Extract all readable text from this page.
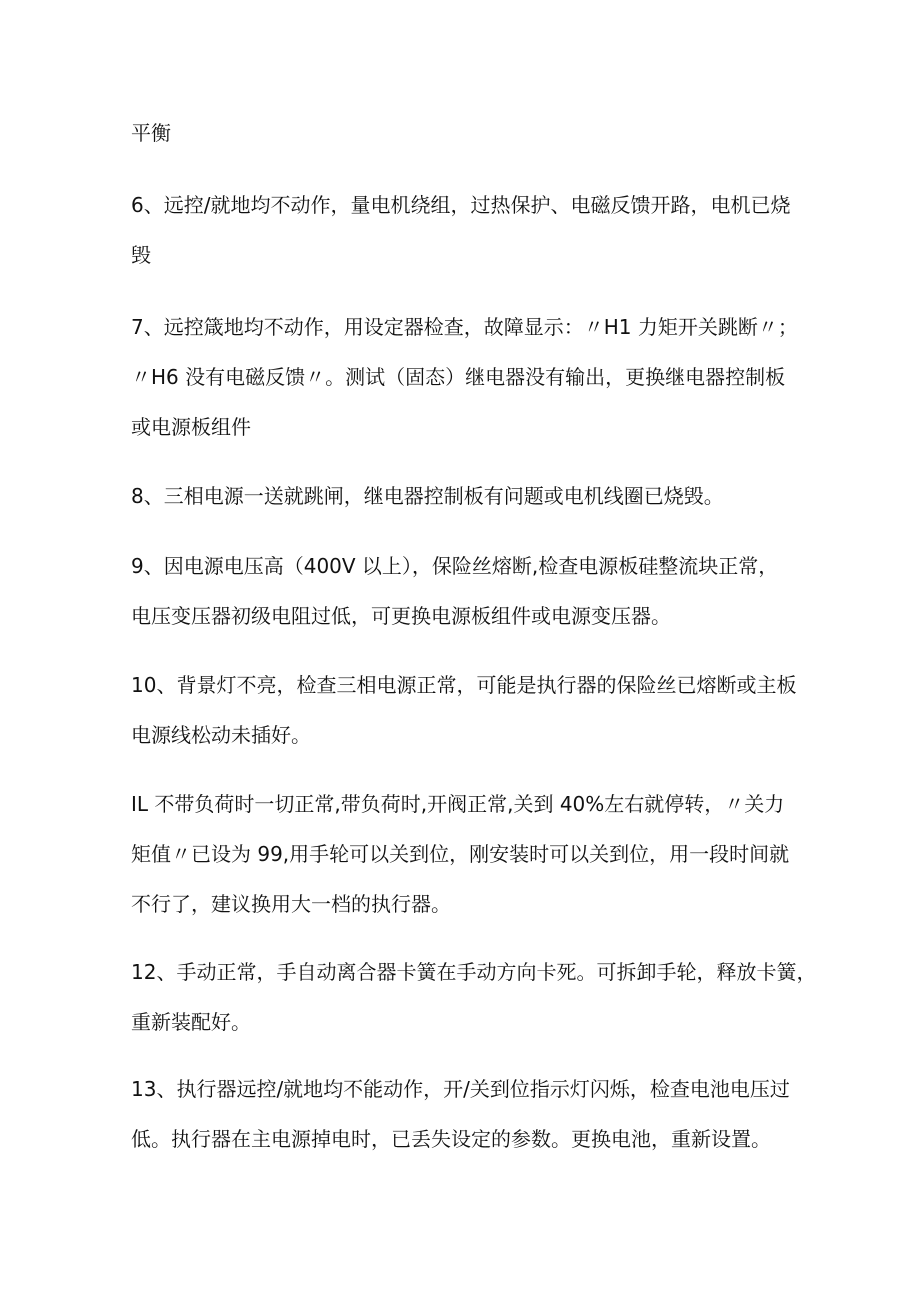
平衡

6、远控/就地均不动作，量电机绕组，过热保护、电磁反馈开路，电机已烧
毁

7、远控箴地均不动作，用设定器检查，故障显示：〃H1 力矩开关跳断〃；
〃H6 没有电磁反馈〃。测试（固态）继电器没有输出，更换继电器控制板
或电源板组件

8、三相电源一送就跳闸，继电器控制板有问题或电机线圈已烧毁。

9、因电源电压高（400V 以上），保险丝熔断,检查电源板硅整流块正常，
电压变压器初级电阻过低，可更换电源板组件或电源变压器。

10、背景灯不亮，检查三相电源正常，可能是执行器的保险丝已熔断或主板
电源线松动未插好。

IL 不带负荷时一切正常,带负荷时,开阀正常,关到 40%左右就停转，〃关力
矩值〃已设为 99,用手轮可以关到位，刚安装时可以关到位，用一段时间就
不行了，建议换用大一档的执行器。

12、手动正常，手自动离合器卡簧在手动方向卡死。可拆卸手轮，释放卡簧，
重新装配好。

13、执行器远控/就地均不能动作，开/关到位指示灯闪烁，检查电池电压过
低。执行器在主电源掉电时，已丢失设定的参数。更换电池，重新设置。
